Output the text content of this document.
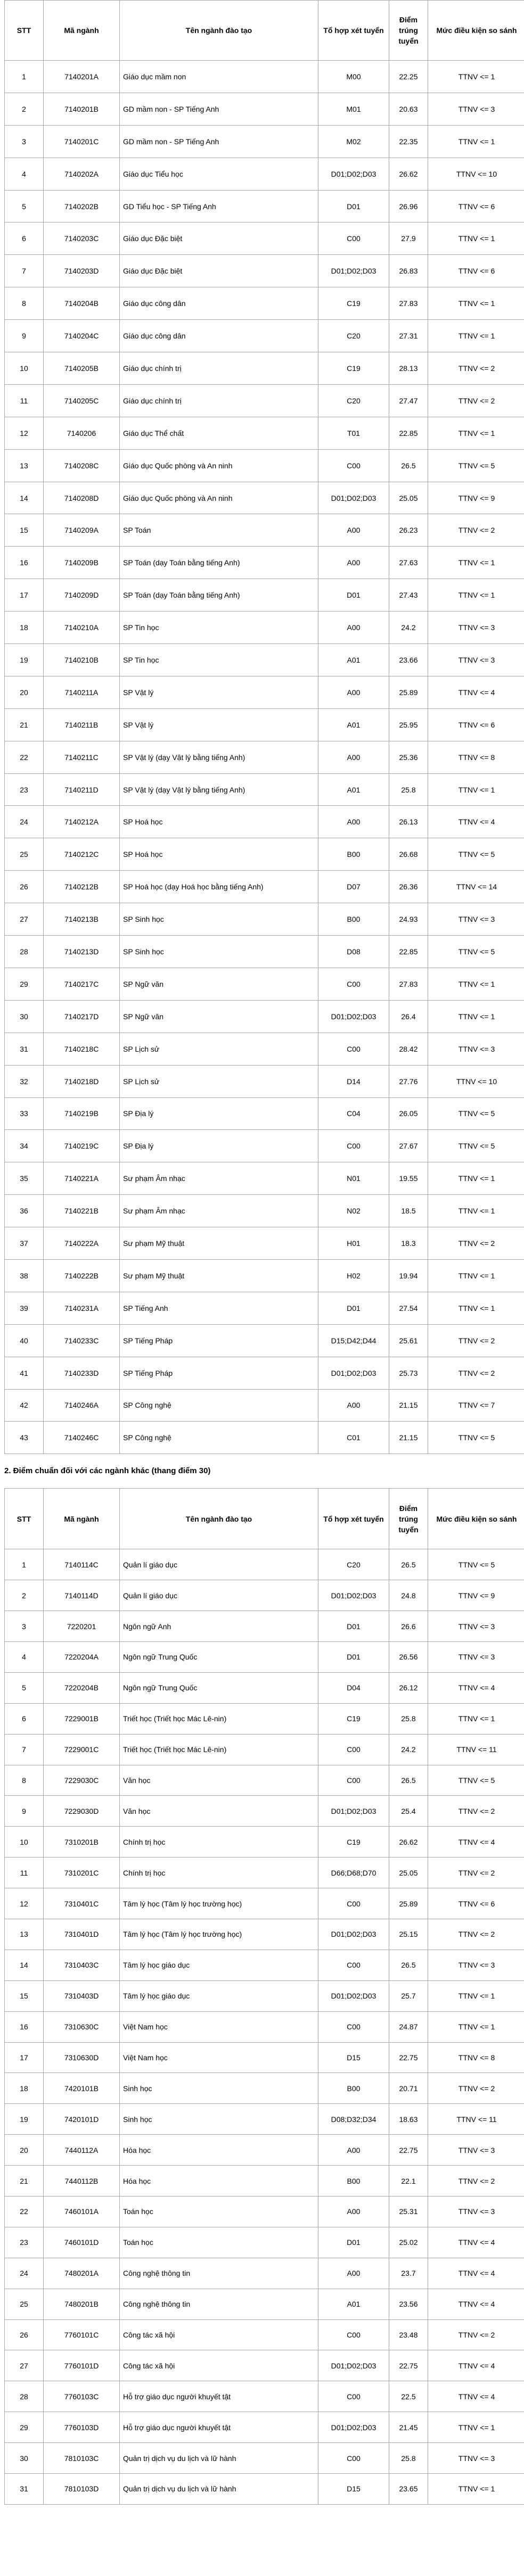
STT	Mã ngành	Tên ngành đào tạo	Tổ hợp xét tuyển	Điểm trúng tuyển	Mức điều kiện so sánh
1	7140201A	Giáo dục mầm non	M00	22.25	TTNV <= 1
2	7140201B	GD mầm non - SP Tiếng Anh	M01	20.63	TTNV <= 3
3	7140201C	GD mầm non - SP Tiếng Anh	M02	22.35	TTNV <= 1
4	7140202A	Giáo dục Tiểu học	D01;D02;D03	26.62	TTNV <= 10
5	7140202B	GD Tiểu học - SP Tiếng Anh	D01	26.96	TTNV <= 6
6	7140203C	Giáo dục Đặc biệt	C00	27.9	TTNV <= 1
7	7140203D	Giáo dục Đặc biệt	D01;D02;D03	26.83	TTNV <= 6
8	7140204B	Giáo dục công dân	C19	27.83	TTNV <= 1
9	7140204C	Giáo dục công dân	C20	27.31	TTNV <= 1
10	7140205B	Giáo dục chính trị	C19	28.13	TTNV <= 2
11	7140205C	Giáo dục chính trị	C20	27.47	TTNV <= 2
12	7140206	Giáo dục Thể chất	T01	22.85	TTNV <= 1
13	7140208C	Giáo dục Quốc phòng và An ninh	C00	26.5	TTNV <= 5
14	7140208D	Giáo dục Quốc phòng và An ninh	D01;D02;D03	25.05	TTNV <= 9
15	7140209A	SP Toán	A00	26.23	TTNV <= 2
16	7140209B	SP Toán (dạy Toán bằng tiếng Anh)	A00	27.63	TTNV <= 1
17	7140209D	SP Toán (dạy Toán bằng tiếng Anh)	D01	27.43	TTNV <= 1
18	7140210A	SP Tin học	A00	24.2	TTNV <= 3
19	7140210B	SP Tin học	A01	23.66	TTNV <= 3
20	7140211A	SP Vật lý	A00	25.89	TTNV <= 4
21	7140211B	SP Vật lý	A01	25.95	TTNV <= 6
22	7140211C	SP Vật lý (dạy Vật lý bằng tiếng Anh)	A00	25.36	TTNV <= 8
23	7140211D	SP Vật lý (dạy Vật lý bằng tiếng Anh)	A01	25.8	TTNV <= 1
24	7140212A	SP Hoá học	A00	26.13	TTNV <= 4
25	7140212C	SP Hoá học	B00	26.68	TTNV <= 5
26	7140212B	SP Hoá học (dạy Hoá học bằng tiếng Anh)	D07	26.36	TTNV <= 14
27	7140213B	SP Sinh học	B00	24.93	TTNV <= 3
28	7140213D	SP Sinh học	D08	22.85	TTNV <= 5
29	7140217C	SP Ngữ văn	C00	27.83	TTNV <= 1
30	7140217D	SP Ngữ văn	D01;D02;D03	26.4	TTNV <= 1
31	7140218C	SP Lịch sử	C00	28.42	TTNV <= 3
32	7140218D	SP Lịch sử	D14	27.76	TTNV <= 10
33	7140219B	SP Địa lý	C04	26.05	TTNV <= 5
34	7140219C	SP Địa lý	C00	27.67	TTNV <= 5
35	7140221A	Sư phạm Âm nhạc	N01	19.55	TTNV <= 1
36	7140221B	Sư phạm Âm nhạc	N02	18.5	TTNV <= 1
37	7140222A	Sư phạm Mỹ thuật	H01	18.3	TTNV <= 2
38	7140222B	Sư phạm Mỹ thuật	H02	19.94	TTNV <= 1
39	7140231A	SP Tiếng Anh	D01	27.54	TTNV <= 1
40	7140233C	SP Tiếng Pháp	D15;D42;D44	25.61	TTNV <= 2
41	7140233D	SP Tiếng Pháp	D01;D02;D03	25.73	TTNV <= 2
42	7140246A	SP Công nghệ	A00	21.15	TTNV <= 7
43	7140246C	SP Công nghệ	C01	21.15	TTNV <= 5

2. Điểm chuẩn đối với các ngành khác (thang điểm 30)

STT	Mã ngành	Tên ngành đào tạo	Tổ hợp xét tuyển	Điểm trúng tuyển	Mức điều kiện so sánh
1	7140114C	Quản lí giáo dục	C20	26.5	TTNV <= 5
2	7140114D	Quản lí giáo dục	D01;D02;D03	24.8	TTNV <= 9
3	7220201	Ngôn ngữ Anh	D01	26.6	TTNV <= 3
4	7220204A	Ngôn ngữ Trung Quốc	D01	26.56	TTNV <= 3
5	7220204B	Ngôn ngữ Trung Quốc	D04	26.12	TTNV <= 4
6	7229001B	Triết học (Triết học Mác Lê-nin)	C19	25.8	TTNV <= 1
7	7229001C	Triết học (Triết học Mác Lê-nin)	C00	24.2	TTNV <= 11
8	7229030C	Văn học	C00	26.5	TTNV <= 5
9	7229030D	Văn học	D01;D02;D03	25.4	TTNV <= 2
10	7310201B	Chính trị học	C19	26.62	TTNV <= 4
11	7310201C	Chính trị học	D66;D68;D70	25.05	TTNV <= 2
12	7310401C	Tâm lý học (Tâm lý học trường học)	C00	25.89	TTNV <= 6
13	7310401D	Tâm lý học (Tâm lý học trường học)	D01;D02;D03	25.15	TTNV <= 2
14	7310403C	Tâm lý học giáo dục	C00	26.5	TTNV <= 3
15	7310403D	Tâm lý học giáo dục	D01;D02;D03	25.7	TTNV <= 1
16	7310630C	Việt Nam học	C00	24.87	TTNV <= 1
17	7310630D	Việt Nam học	D15	22.75	TTNV <= 8
18	7420101B	Sinh học	B00	20.71	TTNV <= 2
19	7420101D	Sinh học	D08;D32;D34	18.63	TTNV <= 11
20	7440112A	Hóa học	A00	22.75	TTNV <= 3
21	7440112B	Hóa học	B00	22.1	TTNV <= 2
22	7460101A	Toán học	A00	25.31	TTNV <= 3
23	7460101D	Toán học	D01	25.02	TTNV <= 4
24	7480201A	Công nghệ thông tin	A00	23.7	TTNV <= 4
25	7480201B	Công nghệ thông tin	A01	23.56	TTNV <= 4
26	7760101C	Công tác xã hội	C00	23.48	TTNV <= 2
27	7760101D	Công tác xã hội	D01;D02;D03	22.75	TTNV <= 4
28	7760103C	Hỗ trợ giáo dục người khuyết tật	C00	22.5	TTNV <= 4
29	7760103D	Hỗ trợ giáo dục người khuyết tật	D01;D02;D03	21.45	TTNV <= 1
30	7810103C	Quản trị dịch vụ du lịch và lữ hành	C00	25.8	TTNV <= 3
31	7810103D	Quản trị dịch vụ du lịch và lữ hành	D15	23.65	TTNV <= 1
